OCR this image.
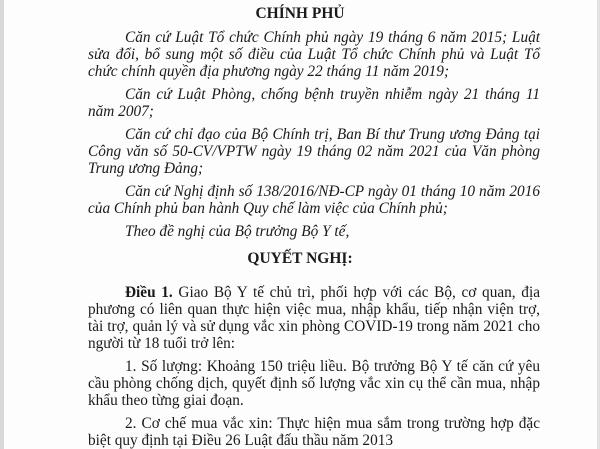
CHÍNH PHỦ
Căn cứ Luật Tổ chức Chính phủ ngày 19 tháng 6 năm 2015; Luật sửa đổi, bổ sung một số điều của Luật Tổ chức Chính phủ và Luật Tổ chức chính quyền địa phương ngày 22 tháng 11 năm 2019;
Căn cứ Luật Phòng, chống bệnh truyền nhiễm ngày 21 tháng 11 năm 2007;
Căn cứ chỉ đạo của Bộ Chính trị, Ban Bí thư Trung ương Đảng tại Công văn số 50-CV/VPTW ngày 19 tháng 02 năm 2021 của Văn phòng Trung ương Đảng;
Căn cứ Nghị định số 138/2016/NĐ-CP ngày 01 tháng 10 năm 2016 của Chính phủ ban hành Quy chế làm việc của Chính phủ;
Theo đề nghị của Bộ trưởng Bộ Y tế,
QUYẾT NGHỊ:
Điều 1. Giao Bộ Y tế chủ trì, phối hợp với các Bộ, cơ quan, địa phương có liên quan thực hiện việc mua, nhập khẩu, tiếp nhận viện trợ, tài trợ, quản lý và sử dụng vắc xin phòng COVID-19 trong năm 2021 cho người từ 18 tuổi trở lên:
1. Số lượng: Khoảng 150 triệu liều. Bộ trưởng Bộ Y tế căn cứ yêu cầu phòng chống dịch, quyết định số lượng vắc xin cụ thể cần mua, nhập khẩu theo từng giai đoạn.
2. Cơ chế mua vắc xin: Thực hiện mua sắm trong trường hợp đặc biệt quy định tại Điều 26 Luật đấu thầu năm 2013
